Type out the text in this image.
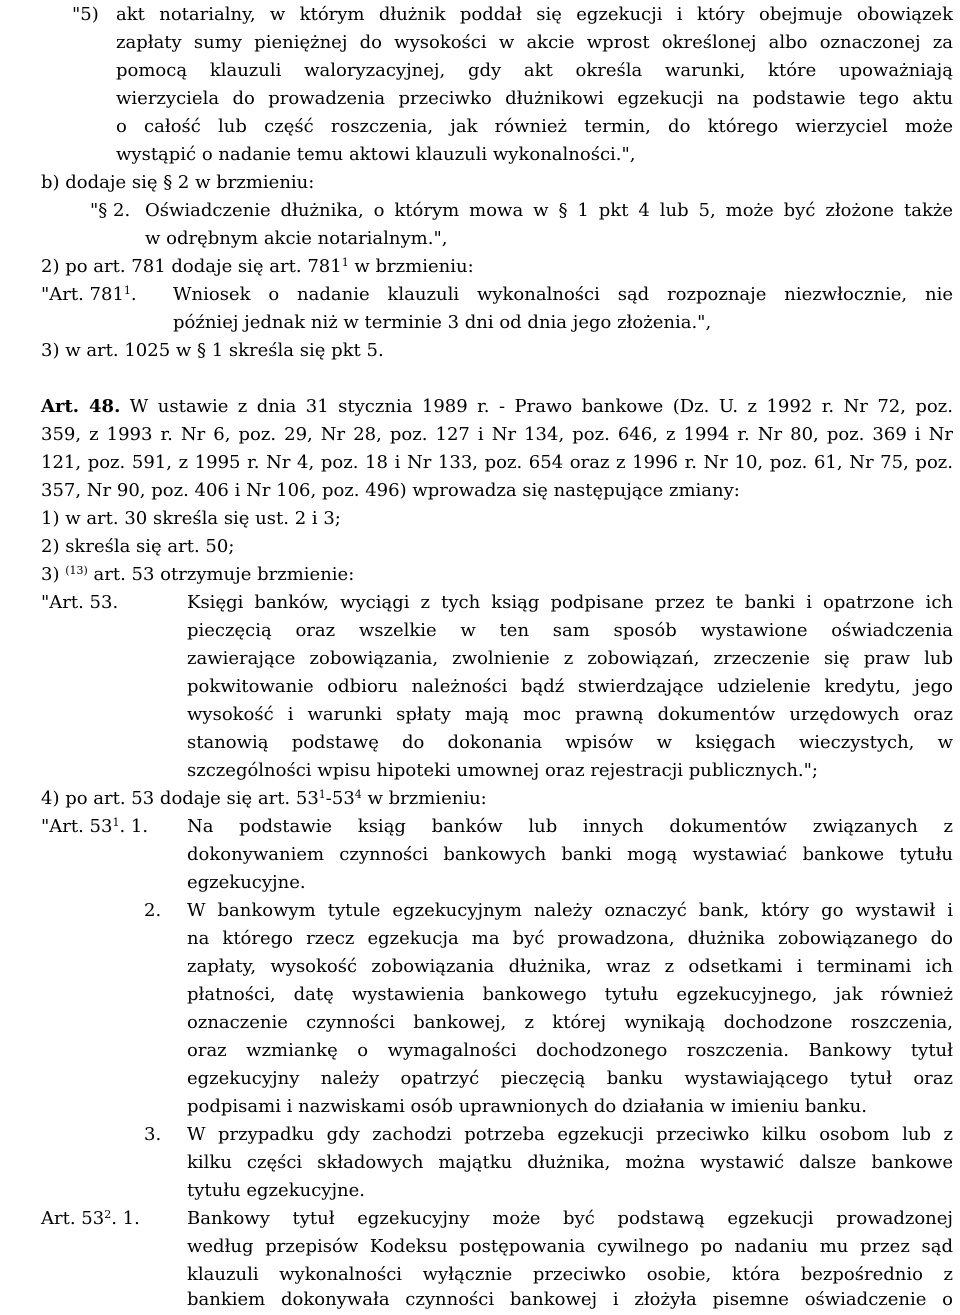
"5) akt notarialny, w którym dłużnik poddał się egzekucji i który obejmuje obowiązek
zapłaty sumy pieniężnej do wysokości w akcie wprost określonej albo oznaczonej za
pomocą klauzuli waloryzacyjnej, gdy akt określa warunki, które upoważniają
wierzyciela do prowadzenia przeciwko dłużnikowi egzekucji na podstawie tego aktu
o całość lub część roszczenia, jak również termin, do którego wierzyciel może
wystąpić o nadanie temu aktowi klauzuli wykonalności.",
b) dodaje się § 2 w brzmieniu:
"§ 2. Oświadczenie dłużnika, o którym mowa w § 1 pkt 4 lub 5, może być złożone także
w odrębnym akcie notarialnym.",
2) po art. 781 dodaje się art. $781^1$ w brzmieniu:
"Art. $781^1$. Wniosek o nadanie klauzuli wykonalności sąd rozpoznaje niezwłocznie, nie
później jednak niż w terminie 3 dni od dnia jego złożenia.",
3) w art. 1025 w § 1 skreśla się pkt 5.
Art. 48. W ustawie z dnia 31 stycznia 1989 r. - Prawo bankowe (Dz. U. z 1992 r. Nr 72, poz.
359, z 1993 r. Nr 6, poz. 29, Nr 28, poz. 127 i Nr 134, poz. 646, z 1994 r. Nr 80, poz. 369 i Nr
121, poz. 591, z 1995 r. Nr 4, poz. 18 i Nr 133, poz. 654 oraz z 1996 r. Nr 10, poz. 61, Nr 75, poz.
357, Nr 90, poz. 406 i Nr 106, poz. 496) wprowadza się następujące zmiany:
1) w art. 30 skreśla się ust. 2 i 3;
2) skreśla się art. 50;
3) $^{(13)}$ art. 53 otrzymuje brzmienie:
"Art. 53.	Księgi banków, wyciągi z tych ksiąg podpisane przez te banki i opatrzone ich
pieczęcią oraz wszelkie w ten sam sposób wystawione oświadczenia
zawierające zobowiązania, zwolnienie z zobowiązań, zrzeczenie się praw lub
pokwitowanie odbioru należności bądź stwierdzające udzielenie kredytu, jego
wysokość i warunki spłaty mają moc prawną dokumentów urzędowych oraz
stanowią podstawę do dokonania wpisów w księgach wieczystych, w
szczególności wpisu hipoteki umownej oraz rejestracji publicznych.";
4) po art. 53 dodaje się art. $53^1-53^4$ w brzmieniu:
"Art. $53^1$. 1. Na podstawie ksiąg banków lub innych dokumentów związanych z
dokonywaniem czynności bankowych banki mogą wystawiać bankowe tytułu
egzekucyjne.
2. W bankowym tytule egzekucyjnym należy oznaczyć bank, który go wystawił i
na którego rzecz egzekucja ma być prowadzona, dłużnika zobowiązanego do
zapłaty, wysokość zobowiązania dłużnika, wraz z odsetkami i terminami ich
płatności, datę wystawienia bankowego tytułu egzekucyjnego, jak również
oznaczenie czynności bankowej, z której wynikają dochodzone roszczenia,
oraz wzmiankę o wymagalności dochodzonego roszczenia. Bankowy tytuł
egzekucyjny należy opatrzyć pieczęcią banku wystawiającego tytuł oraz
podpisami i nazwiskami osób uprawnionych do działania w imieniu banku.
3. W przypadku gdy zachodzi potrzeba egzekucji przeciwko kilku osobom lub z
kilku części składowych majątku dłużnika, można wystawić dalsze bankowe
tytułu egzekucyjne.
Art. $53^2$. 1.	Bankowy tytuł egzekucyjny może być podstawą egzekucji prowadzonej
według przepisów Kodeksu postępowania cywilnego po nadaniu mu przez sąd
klauzuli wykonalności wyłącznie przeciwko osobie, która bezpośrednio z
bankiem dokonywała czynności bankowej i złożyła pisemne oświadczenie o
